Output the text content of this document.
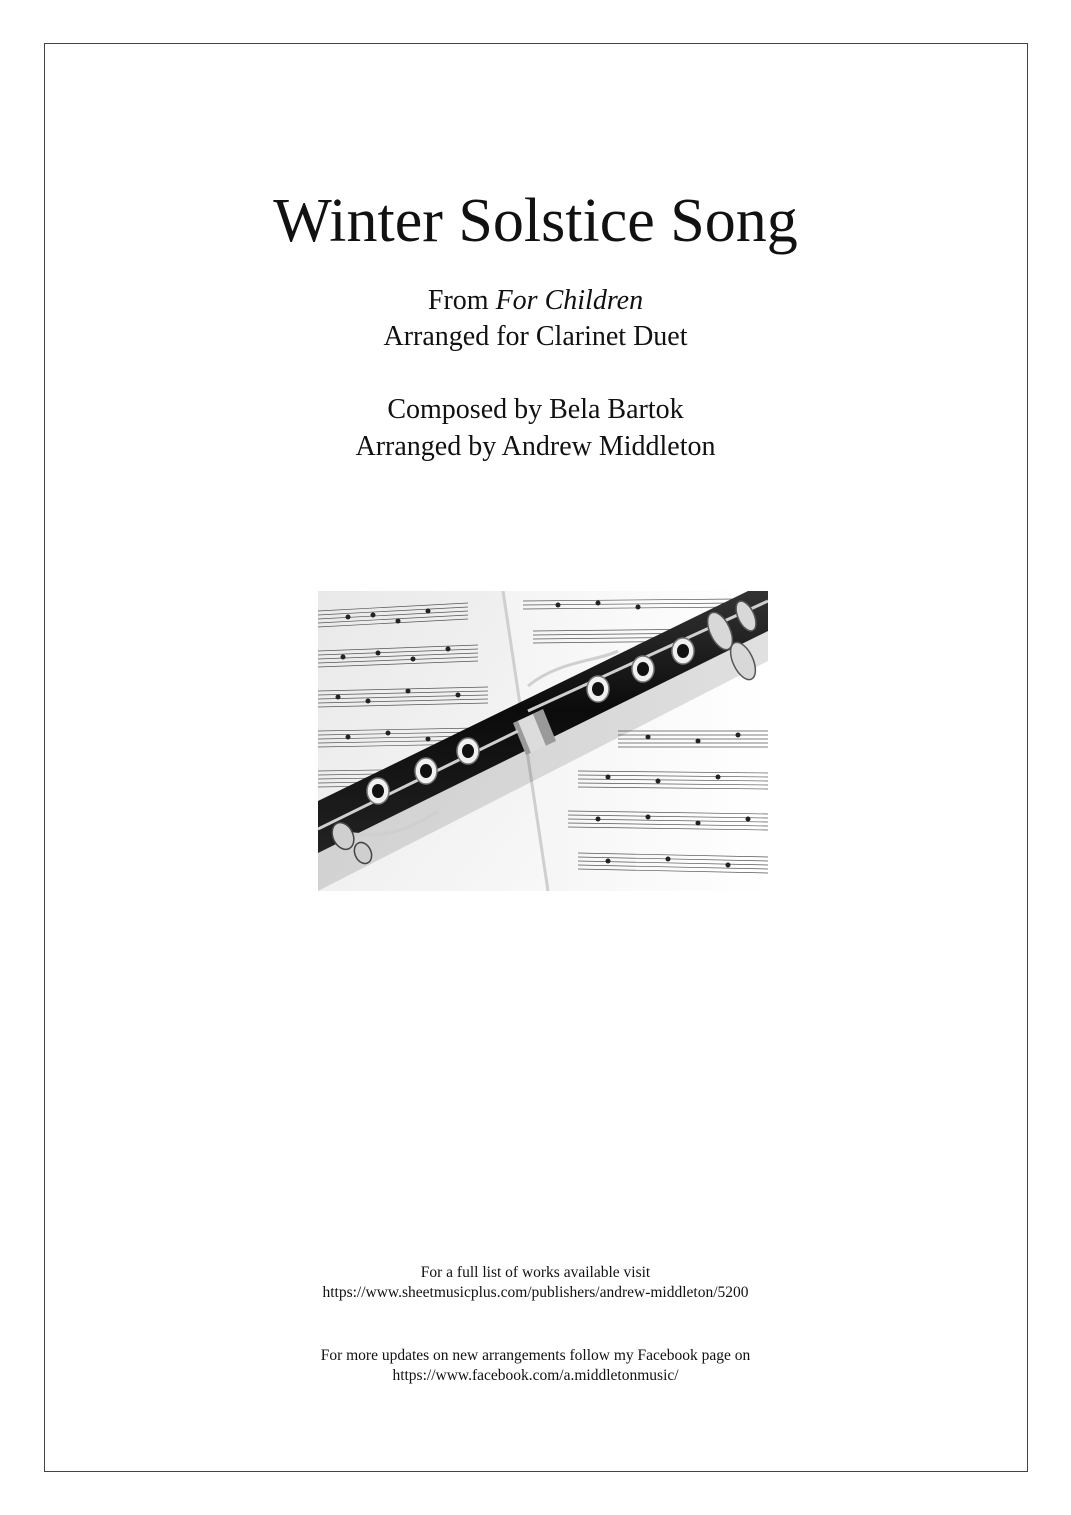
Winter Solstice Song
From For Children
Arranged for Clarinet Duet
Composed by Bela Bartok
Arranged by Andrew Middleton
For a full list of works available visit
https://www.sheetmusicplus.com/publishers/andrew-middleton/5200
For more updates on new arrangements follow my Facebook page on
https://www.facebook.com/a.middletonmusic/
